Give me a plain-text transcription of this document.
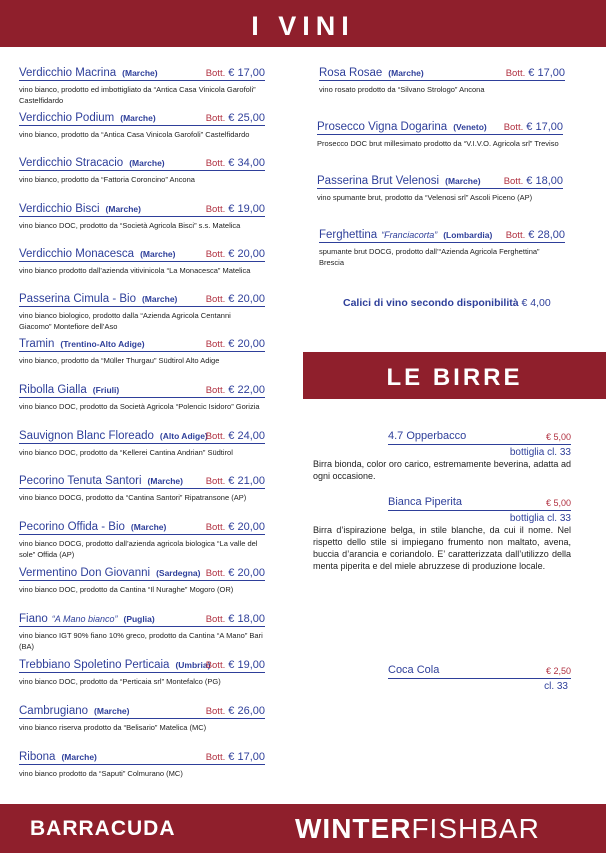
I VINI
Verdicchio Macrina (Marche)	Bott. € 17,00
vino bianco, prodotto ed imbottigliato da “Antica Casa Vinicola Garofoli” Castelfidardo
Verdicchio Podium (Marche)	Bott. € 25,00
vino bianco, prodotto da “Antica Casa Vinicola Garofoli” Castelfidardo
Verdicchio Stracacio (Marche)	Bott. € 34,00
vino bianco, prodotto da “Fattoria Coroncino” Ancona
Verdicchio Bisci (Marche)	Bott. € 19,00
vino bianco DOC, prodotto da “Società Agricola Bisci” s.s. Matelica
Verdicchio Monacesca (Marche)	Bott. € 20,00
vino bianco prodotto dall’azienda vitivinicola “La Monacesca” Matelica
Passerina Cimula - Bio (Marche)	Bott. € 20,00
vino bianco biologico, prodotto dalla “Azienda Agricola Centanni Giacomo” Montefiore dell’Aso
Tramin (Trentino-Alto Adige)	Bott. € 20,00
vino bianco, prodotto da “Müller Thurgau” Südtirol Alto Adige
Ribolla Gialla (Friuli)	Bott. € 22,00
vino bianco DOC, prodotto da Società Agricola “Polencic Isidoro” Gorizia
Sauvignon Blanc Floreado (Alto Adige)
Bott. € 24,00
vino bianco DOC, prodotto da “Kellerei Cantina Andrian” Südtirol
Pecorino Tenuta Santori (Marche) Bott. € 21,00
vino bianco DOCG, prodotto da “Cantina Santori” Ripatransone (AP)
Pecorino Offida - Bio (Marche)	Bott. € 20,00
vino bianco DOCG, prodotto dall’azienda agricola biologica “La valle del sole” Offida (AP)
Vermentino Don Giovanni (Sardegna) Bott. € 20,00
vino bianco DOC, prodotto da Cantina “Il Nuraghe” Mogoro (OR)
Fiano “A Mano bianco” (Puglia)	Bott. € 18,00
vino bianco IGT 90% fiano 10% greco, prodotto da Cantina “A Mano” Bari (BA)
Trebbiano Spoletino Perticaia (Umbria)
Bott. € 19,00
vino bianco DOC, prodotto da “Perticaia srl” Montefalco (PG)
Cambrugiano (Marche)	Bott. € 26,00
vino bianco riserva prodotto da “Belisario” Matelica (MC)
Ribona (Marche)	Bott. € 17,00
vino bianco prodotto da “Saputi” Colmurano (MC)
Rosa Rosae (Marche)	Bott. € 17,00
vino rosato prodotto da “Silvano Strologo” Ancona
Prosecco Vigna Dogarina (Veneto) Bott. € 17,00
Prosecco DOC brut millesimato prodotto da “V.I.V.O. Agricola srl” Treviso
Passerina Brut Velenosi (Marche) Bott. € 18,00
vino spumante brut, prodotto da “Velenosi srl” Ascoli Piceno (AP)
Ferghettina “Franciacorta” (Lombardia) Bott. € 28,00
spumante brut DOCG, prodotto dall’“Azienda Agricola Ferghettina” Brescia
Calici di vino secondo disponibilità € 4,00
LE BIRRE
4.7 Opperbacco	€ 5,00
bottiglia cl. 33
Birra bionda, color oro carico, estremamente beverina, adatta ad ogni occasione.
Bianca Piperita	€ 5,00
bottiglia cl. 33
Birra d’ispirazione belga, in stile blanche, da cui il nome. Nel rispetto dello stile si impiegano frumento non maltato, avena, buccia d’arancia e coriandolo. E’ caratterizzata dall’utilizzo della menta piperita e del miele abruzzese di produzione locale.
Coca Cola	€ 2,50
cl. 33
BARRACUDA	WINTERFISHBAR
